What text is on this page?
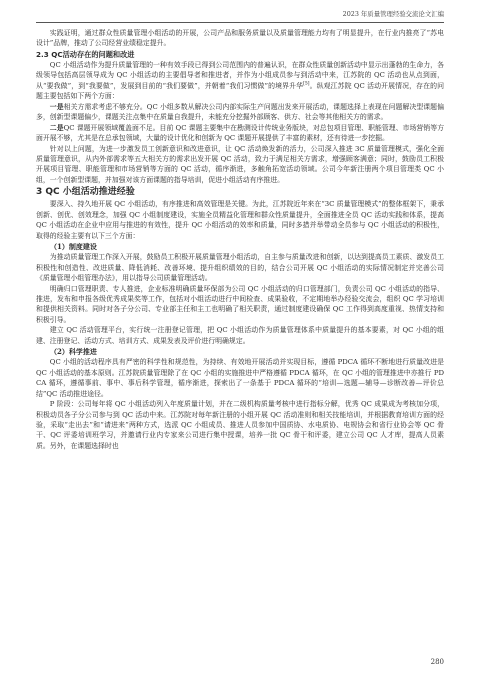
2023 年质量管理经验交流论文汇编

实践证明，通过群众性质量管理小组活动的开展，公司产品和服务质量以及质量管理能力均有了明显提升，在行业内推亮了“苏电设计”品牌，推动了公司经营业绩稳定提升。

2.3 QC活动存在的问题和改进

QC 小组活动作为提升质量管理的一种有效手段已得到公司范围内的普遍认识，在群众性质量创新活动中显示出蓬勃的生命力，各级领导包括高层领导成为 QC 小组活动的主要倡导者和推进者，并作为小组成员参与到活动中来，江苏院的 QC 活动也从点到面，从“要我做”，到“我要做”，发展到目前的“我们要做”，并朝着“我们习惯做”的境界升华[5]。纵观江苏院 QC 活动开展情况，存在的问题主要包括如下两个方面：

一是相关方需求考虑不够充分。QC 小组多数从解决公司内部实际生产问题出发来开展活动，课题选择上表现在问题解决型课题偏多，创新型课题偏少，课题关注点集中在质量自我提升，未能充分挖掘外部顾客、供方、社会等其他相关方的需求。

二是QC 课题开展领域覆盖面不足。目前 QC 课题主要集中在勘测设计传统业务版块，对总包项目管理、职能管理、市场营销等方面开展不够，尤其是在总承包领域，大量的设计优化和创新为 QC 课题开展提供了丰富的素材，还有待进一步挖掘。

针对以上问题，为进一步激发员工创新意识和改进意识，让 QC 活动焕发新的活力，公司深入推进 3C 质量管理模式，强化全面质量管理意识，从内外部需求等五大相关方的需求出发开展 QC 活动，致力于满足相关方需求，增强顾客满意；同时，鼓励员工积极开展项目管理、职能管理和市场营销等方面的 QC 活动，循序渐进，多触角拓宽活动领域。公司今年新注册两个项目管理类 QC 小组，一个创新型课题，并加强对该方面课题的指导培训，促进小组活动有序推进。

3 QC 小组活动推进经验

要深入、持久地开展 QC 小组活动，有序推进和高效管理是关键。为此，江苏院近年来在“3C 质量管理模式”的整体框架下，秉承创新、创优、创效理念，加强 QC 小组制度建设，实施全员精益化管理和群众性质量提升，全面推进全员 QC 活动实践和体系，提高 QC 小组活动在企业中应用与推进的有效性，提升 QC 小组活动的效率和质量，同时多措并举带动全员参与 QC 小组活动的积极性，取得的经验主要有以下三个方面：

（1）制度建设

为推动质量管理工作深入开展，鼓励员工积极开展质量管理小组活动，自主参与质量改进和创新，以达到提高员工素质、激发员工积极性和创造性、改进质量、降低消耗、改善环境、提升组织绩效的目的，结合公司开展 QC 小组活动的实际情况制定并完善公司《质量管理小组管理办法》，用以指导公司质量管理活动。

明确归口管理职责、专人推进，企业标准明确质量环保部为公司 QC 小组活动的归口管理部门，负责公司 QC 小组活动的指导、推进，发布和申报各级优秀成果奖等工作，包括对小组活动进行中间检查、成果验收，不定期地举办经验交流会，组织 QC 学习培训和提供相关资料。同时对各子分公司、专业部主任和主工也明确了相关职责，通过制度建设确保 QC 工作得到高度重视、热情支持和积极引导。

建立 QC 活动管理平台，实行统一注册登记管理，把 QC 小组活动作为质量管理体系中质量提升的基本要素，对 QC 小组的组建、注册登记、活动方式、培训方式、成果发表及评价进行明确规定。

（2）科学推进

QC 小组的活动程序具有严密的科学性和规范性，为持续、有效地开展活动并实现目标，遵循 PDCA 循环不断地进行质量改进是 QC 小组活动的基本原则。江苏院质量管理除了在 QC 小组的实施推进中严格遵循 PDCA 循环，在 QC 小组的管理推进中亦推行 PDCA 循环，遵循事前、事中、事后科学管理，循序渐进，探索出了一条基于 PDCA 循环的“培训—选题—辅导—诊断改善—评价总结”QC 活动推进途径。

P 阶段：公司每年将 QC 小组活动列入年度质量计划，并在二级机构质量考核中进行指标分解，优秀 QC 成果成为考核加分项，积极动员各子分公司参与到 QC 活动中来。江苏院对每年新注册的小组开展 QC 活动准则和相关技能培训，并根据教育培训方面的经验，采取“走出去”和“请进来”两种方式，选派 QC 小组成员、推进人员参加中国质协、水电质协、电规协会和省行业协会等 QC 骨干、QC 评委培训班学习，并邀请行业内专家来公司进行集中授课，培养一批 QC 骨干和评委，建立公司 QC 人才库，提高人员素质。另外，在课题选择时也

280
